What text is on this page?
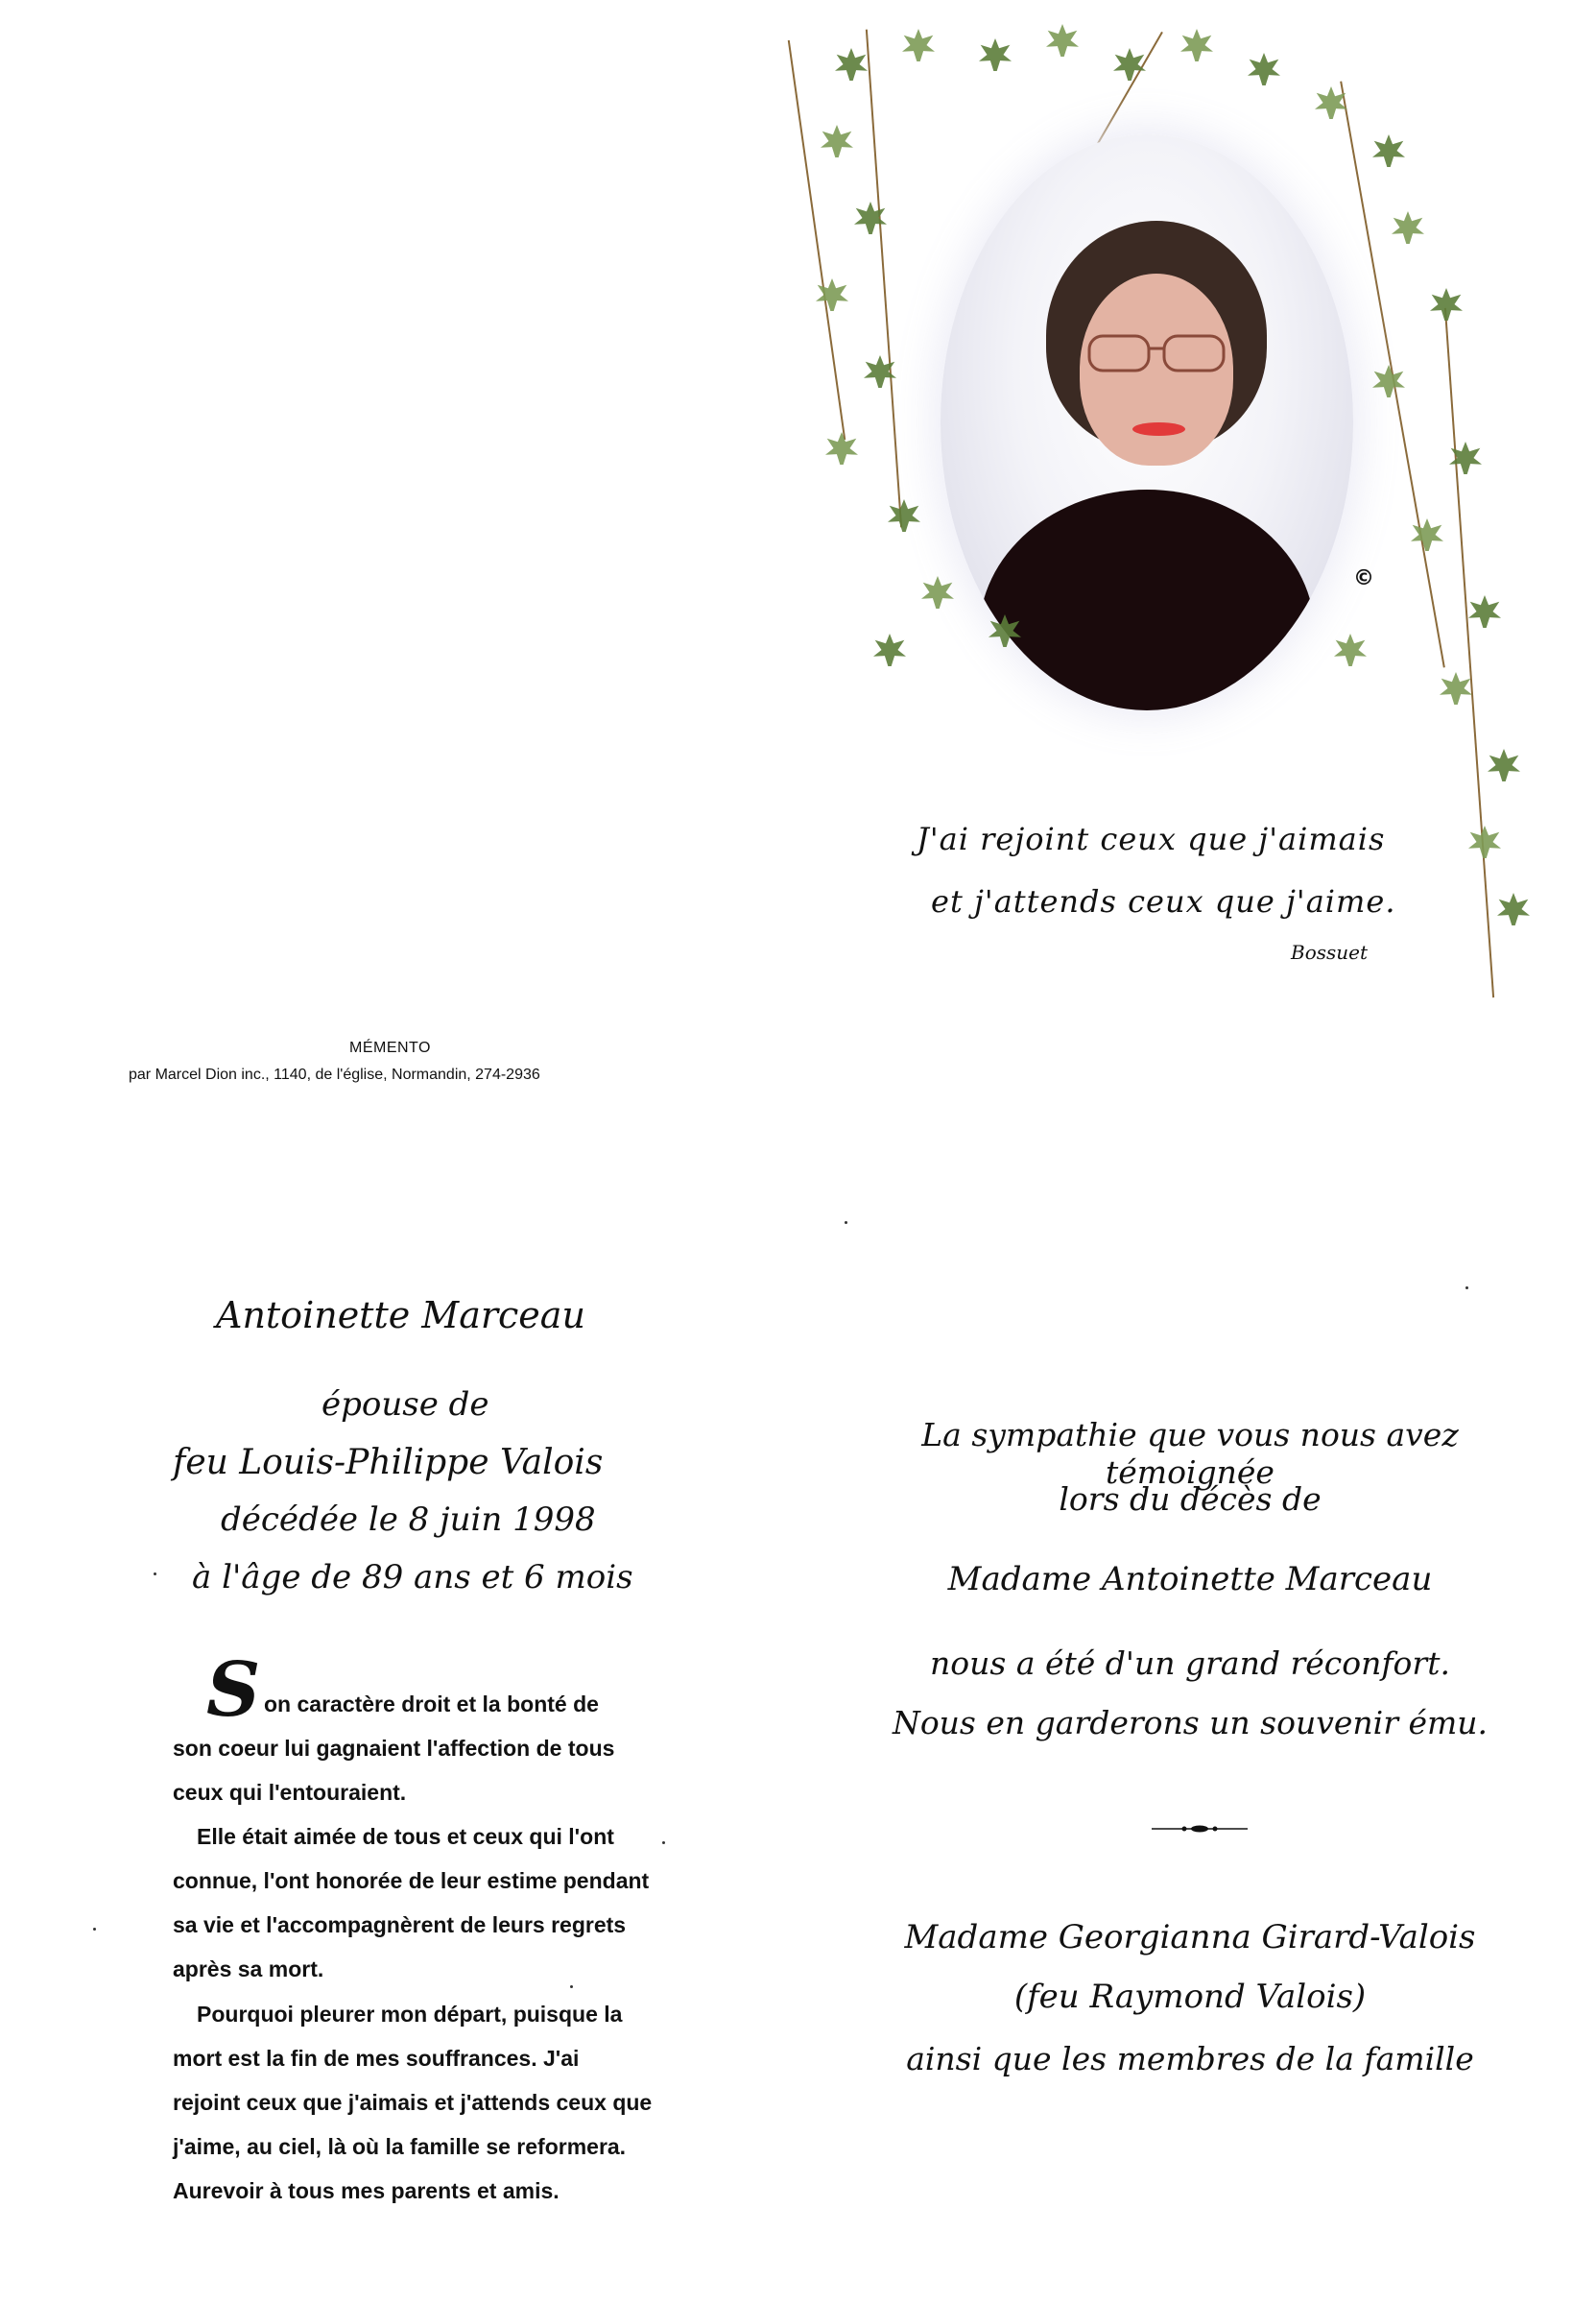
©
J'ai rejoint ceux que j'aimais
et j'attends ceux que j'aime.
Bossuet
MÉMENTO
par Marcel Dion inc., 1140, de l'église, Normandin, 274-2936
Antoinette Marceau
épouse de
feu Louis-Philippe Valois
décédée le 8 juin 1998
à l'âge de 89 ans et 6 mois
S on caractère droit et la bonté de
son coeur lui gagnaient l'affection de tous ceux qui l'entouraient.
Elle était aimée de tous et ceux qui l'ont connue, l'ont honorée de leur estime pendant sa vie et l'accompagnèrent de leurs regrets après sa mort.
Pourquoi pleurer mon départ, puisque la mort est la fin de mes souffrances. J'ai rejoint ceux que j'aimais et j'attends ceux que j'aime, au ciel, là où la famille se reformera. Aurevoir à tous mes parents et amis.
La sympathie que vous nous avez témoignée
lors du décès de
Madame Antoinette Marceau
nous a été d'un grand réconfort.
Nous en garderons un souvenir ému.
Madame Georgianna Girard-Valois
(feu Raymond Valois)
ainsi que les membres de la famille
